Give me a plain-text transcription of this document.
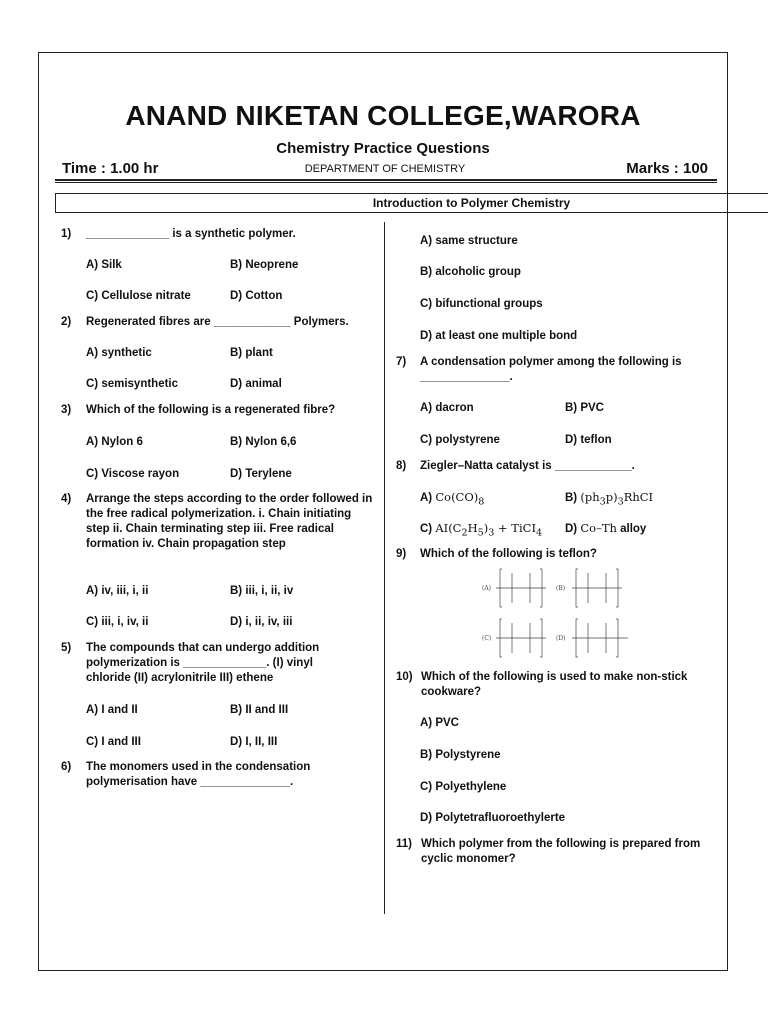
ANAND NIKETAN COLLEGE,WARORA
Chemistry Practice Questions
Time : 1.00 hr	DEPARTMENT OF CHEMISTRY	Marks : 100
Introduction to Polymer Chemistry
1) _____________ is a synthetic polymer.
A) Silk	B) Neoprene
C) Cellulose nitrate	D) Cotton
2) Regenerated fibres are ____________ Polymers.
A) synthetic	B) plant
C) semisynthetic	D) animal
3) Which of the following is a regenerated fibre?
A) Nylon 6	B) Nylon 6,6
C) Viscose rayon	D) Terylene
4) Arrange the steps according to the order followed in the free radical polymerization. i. Chain initiating step ii. Chain terminating step iii. Free radical formation iv. Chain propagation step
A) iv, iii, i, ii	B) iii, i, ii, iv
C) iii, i, iv, ii	D) i, ii, iv, iii
5) The compounds that can undergo addition polymerization is _____________. (I) vinyl chloride (II) acrylonitrile III) ethene
A) I and II	B) II and III
C) I and III	D) I, II, III
6) The monomers used in the condensation polymerisation have ______________.
A) same structure
B) alcoholic group
C) bifunctional groups
D) at least one multiple bond
7) A condensation polymer among the following is ______________.
A) dacron	B) PVC
C) polystyrene	D) teflon
8) Ziegler–Natta catalyst is ____________.
A) $Co(CO)_8$	B) $(ph_3p)_3RhCI$
C) $AI(C_2H_5)_3$ + TiCI$_4$ D) Co–Th alloy
9) Which of the following is teflon?
(A)	(B)
(C)	(D)
10) Which of the following is used to make non-stick cookware?
A) PVC
B) Polystyrene
C) Polyethylene
D) Polytetrafluoroethylerte
11) Which polymer from the following is prepared from cyclic monomer?
